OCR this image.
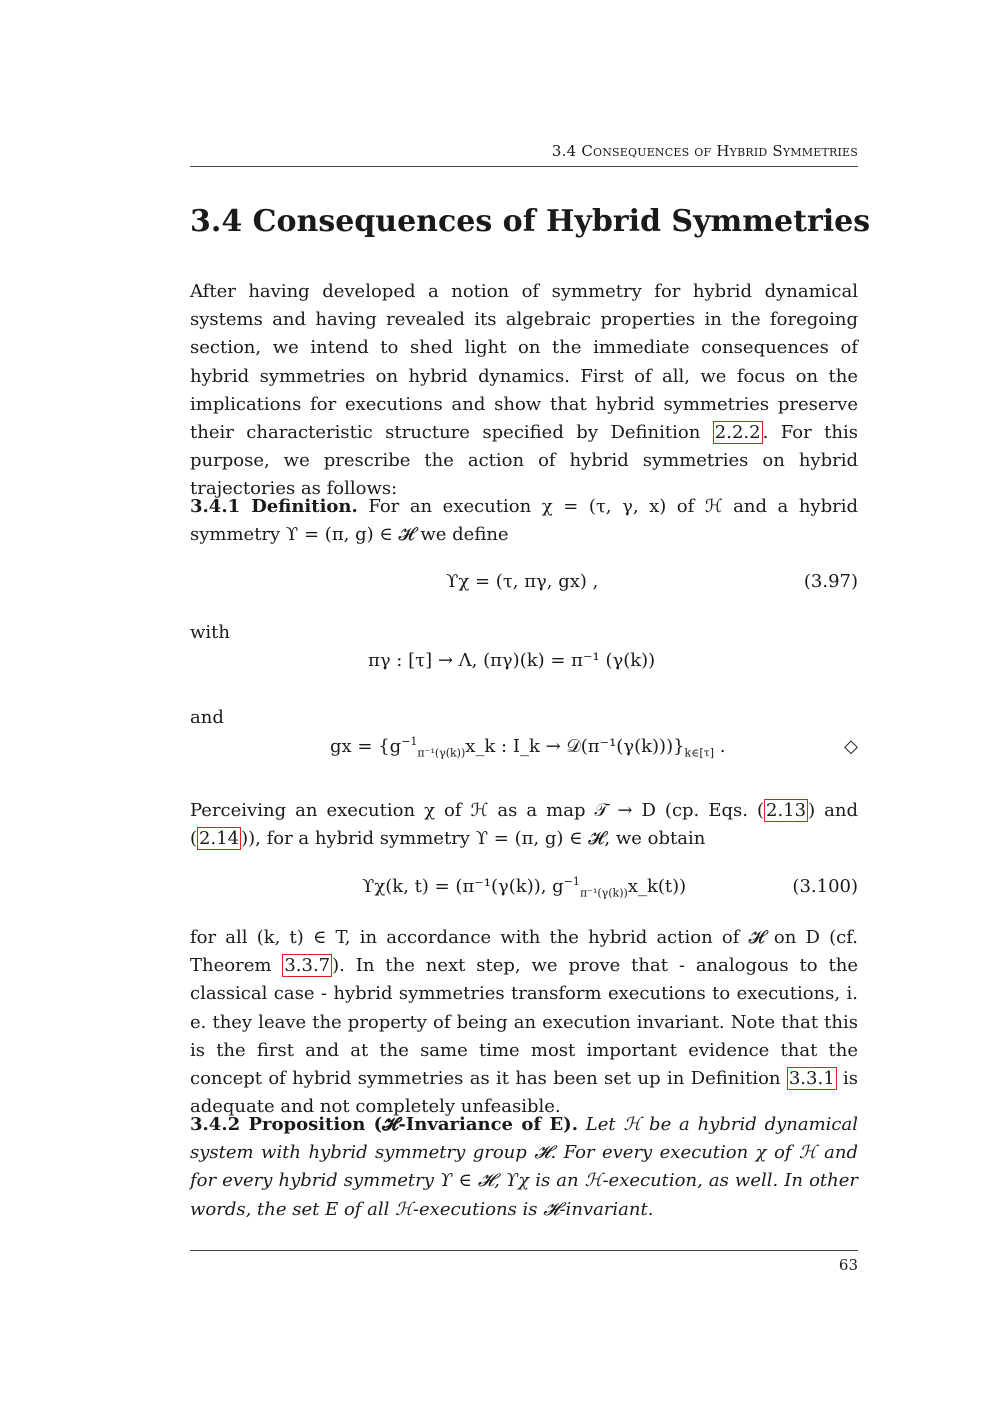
3.4 Consequences of Hybrid Symmetries
3.4 Consequences of Hybrid Symmetries

After having developed a notion of symmetry for hybrid dynamical systems and having revealed its algebraic properties in the foregoing section, we intend to shed light on the immediate consequences of hybrid symmetries on hybrid dynamics. First of all, we focus on the implications for executions and show that hybrid symmetries preserve their characteristic structure specified by Definition 2.2.2 . For this purpose, we prescribe the action of hybrid symmetries on hybrid trajectories as follows:

3.4.1 Definition. For an execution χ = (τ, γ, x) of ℋ and a hybrid symmetry ϒ = (π, g) ∈ 𝓗 we define

ϒχ = (τ, πγ, gx) ,	(3.97)
with
πγ : [τ] → Λ, (πγ)(k) = π⁻¹ (γ(k))
and
gx = {$g^{-1}_{\pi^{-1}(\gamma(k))}x\_k$ : I_k → $𝒟(\pi^{-1}(\gamma(k)))\}_{k\in[\tau]}$ .	◇

Perceiving an execution χ of ℋ as a map 𝒯 → D (cp. Eqs. ( 2.13 ) and ( 2.14 )), for a hybrid symmetry ϒ = (π, g) ∈ 𝓗, we obtain

ϒχ(k, t) = (π⁻¹(γ(k)), $g^{-1}_{\pi^{-1}(\gamma(k))}x\_k(t)$)	(3.100)

for all (k, t) ∈ T, in accordance with the hybrid action of 𝓗 on D (cf. Theorem 3.3.7 ). In the next step, we prove that - analogous to the classical case - hybrid symmetries transform executions to executions, i. e. they leave the property of being an execution invariant. Note that this is the first and at the same time most important evidence that the concept of hybrid symmetries as it has been set up in Definition 3.3.1 is adequate and not completely unfeasible.

3.4.2 Proposition (𝓗-Invariance of E). Let ℋ be a hybrid dynamical system with hybrid symmetry group 𝓗. For every execution χ of ℋ and for every hybrid symmetry ϒ ∈ 𝓗, ϒχ is an ℋ-execution, as well. In other words, the set E of all ℋ-executions is 𝓗-invariant.

63
